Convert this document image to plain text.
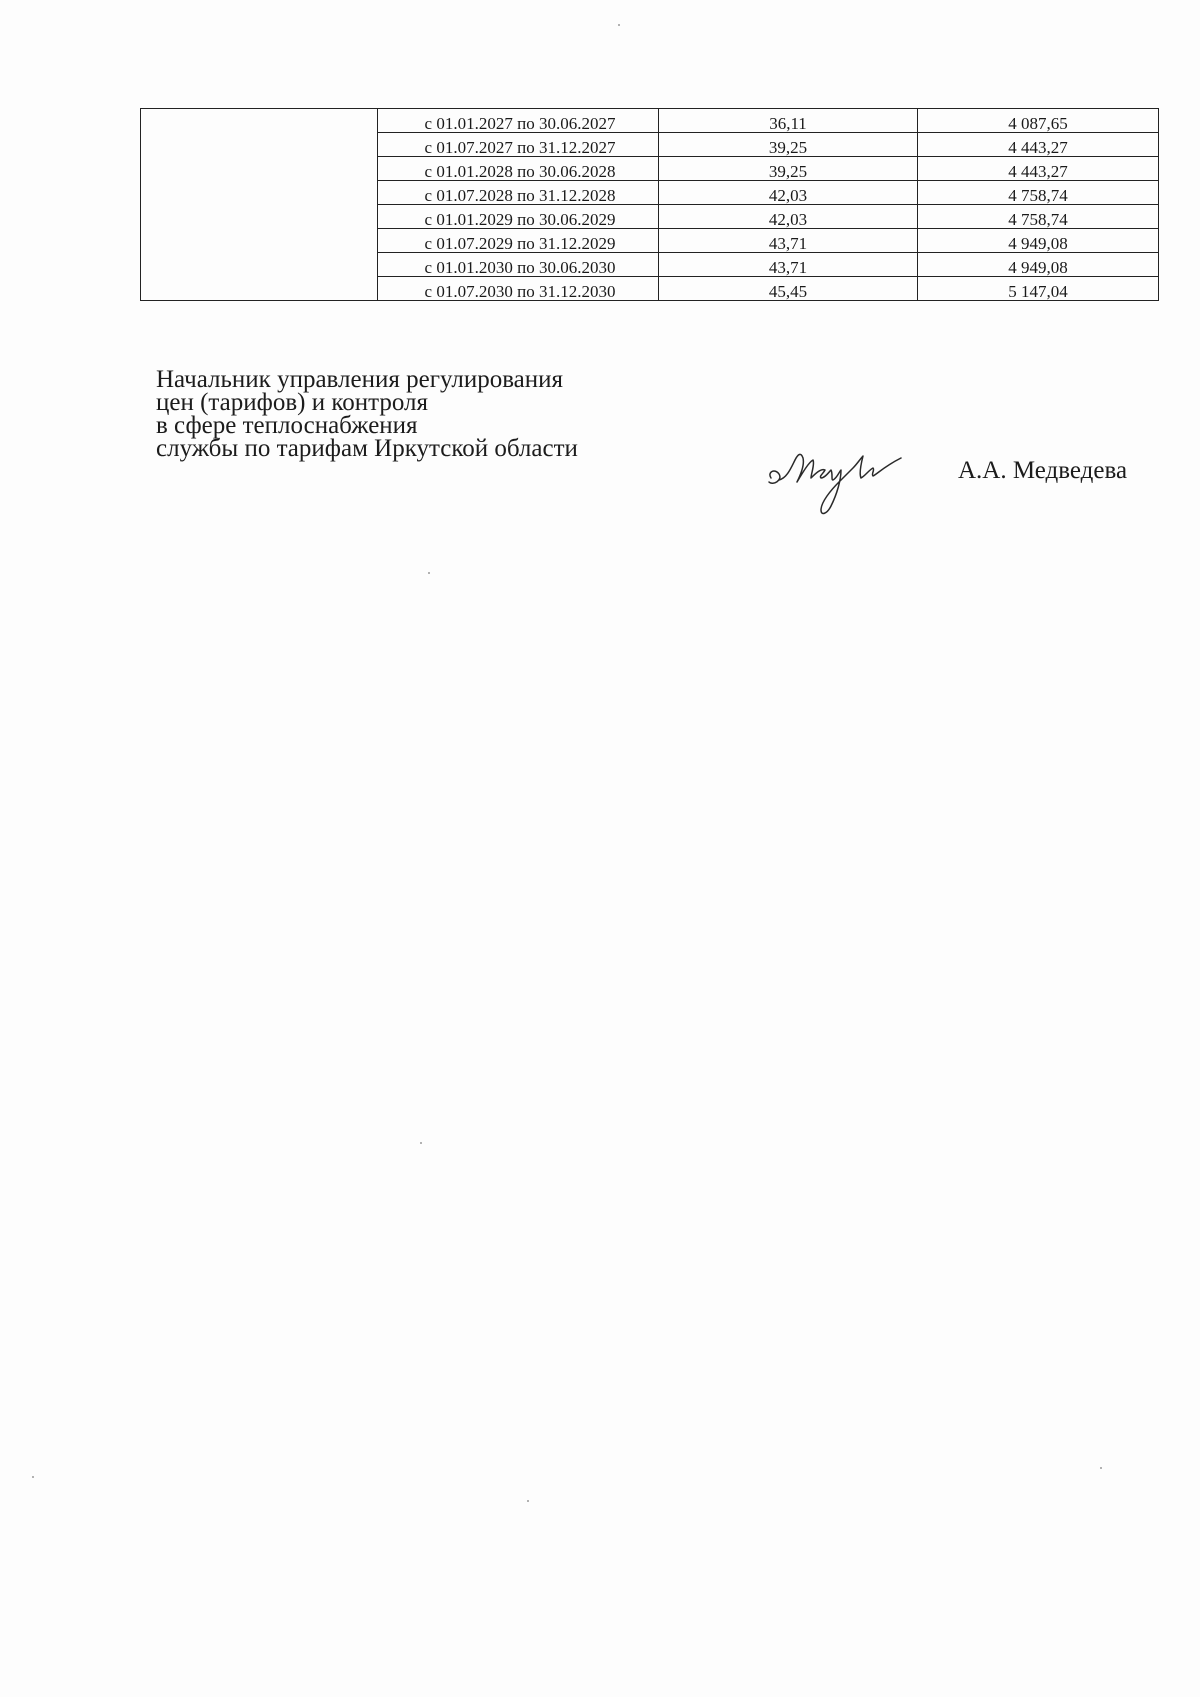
	с 01.01.2027 по 30.06.2027	36,11	4 087,65
	с 01.07.2027 по 31.12.2027	39,25	4 443,27
	с 01.01.2028 по 30.06.2028	39,25	4 443,27
	с 01.07.2028 по 31.12.2028	42,03	4 758,74
	с 01.01.2029 по 30.06.2029	42,03	4 758,74
	с 01.07.2029 по 31.12.2029	43,71	4 949,08
	с 01.01.2030 по 30.06.2030	43,71	4 949,08
	с 01.07.2030 по 31.12.2030	45,45	5 147,04
Начальник управления регулирования
цен (тарифов) и контроля
в сфере теплоснабжения
службы по тарифам Иркутской области
А.А. Медведева
